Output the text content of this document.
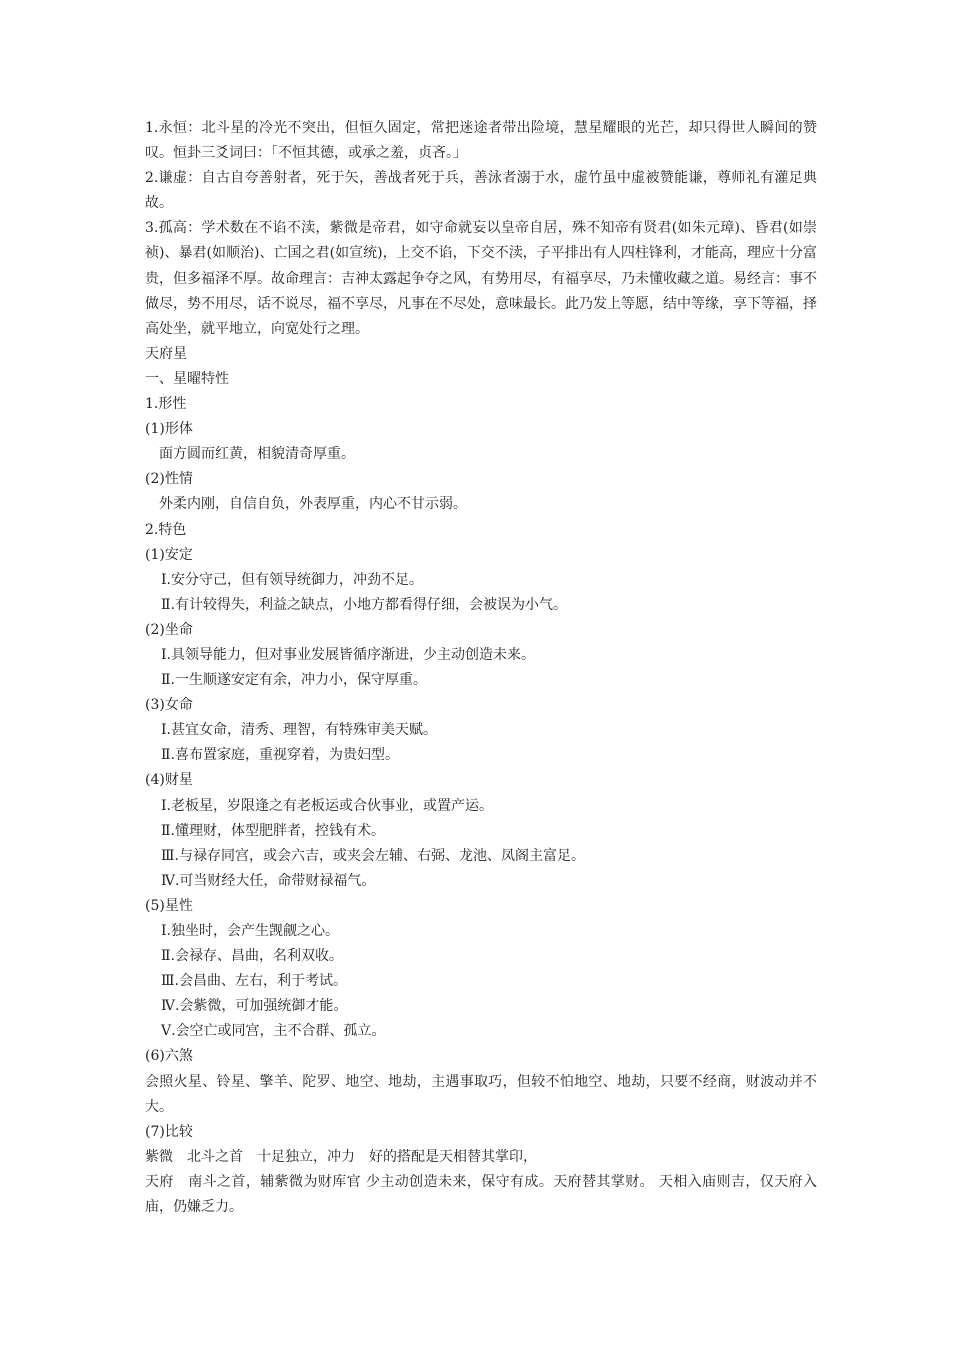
1.永恒：北斗星的冷光不突出，但恒久固定，常把迷途者带出险境，慧星耀眼的光芒，却只得世人瞬间的赞叹。恒卦三爻词曰：「不恒其德，或承之羞，贞吝。」

2.谦虚：自古自夸善射者，死于矢，善战者死于兵，善泳者溺于水，虚竹虽中虚被赞能谦，尊师礼有灌足典故。

3.孤高：学术数在不谄不渎，紫微是帝君，如守命就妄以皇帝自居，殊不知帝有贤君(如朱元璋)、昏君(如崇祯)、暴君(如顺治)、亡国之君(如宣统)，上交不谄，下交不渎，子平排出有人四柱锋利，才能高，理应十分富贵，但多福泽不厚。故命理言：吉神太露起争夺之风，有势用尽，有福享尽，乃未懂收藏之道。易经言：事不做尽，势不用尽，话不说尽，福不享尽，凡事在不尽处，意味最长。此乃发上等愿，结中等缘，享下等福，择高处坐，就平地立，向宽处行之理。

天府星

一、星曜特性

1.形性

(1)形体

面方圆而红黄，相貌清奇厚重。

(2)性情

外柔内刚，自信自负，外表厚重，内心不甘示弱。

2.特色

(1)安定

Ⅰ.安分守己，但有领导统御力，冲劲不足。

Ⅱ.有计较得失，利益之缺点，小地方都看得仔细，会被误为小气。

(2)坐命

Ⅰ.具领导能力，但对事业发展皆循序渐进，少主动创造未来。

Ⅱ.一生顺遂安定有余，冲力小，保守厚重。

(3)女命

Ⅰ.甚宜女命，清秀、理智，有特殊审美天赋。

Ⅱ.喜布置家庭，重视穿着，为贵妇型。

(4)财星

Ⅰ.老板星，岁限逢之有老板运或合伙事业，或置产运。

Ⅱ.懂理财，体型肥胖者，控钱有术。

Ⅲ.与禄存同宫，或会六吉，或夹会左辅、右弼、龙池、凤阁主富足。

Ⅳ.可当财经大任，命带财禄福气。

(5)星性

Ⅰ.独坐时，会产生觊觎之心。

Ⅱ.会禄存、昌曲，名利双收。

Ⅲ.会昌曲、左右，利于考试。

Ⅳ.会紫微，可加强统御才能。

Ⅴ.会空亡或同宫，主不合群、孤立。

(6)六煞

会照火星、铃星、擎羊、陀罗、地空、地劫，主遇事取巧，但较不怕地空、地劫，只要不经商，财波动并不大。

(7)比较

紫微　北斗之首　十足独立，冲力　好的搭配是天相替其掌印，

天府　南斗之首，辅紫微为财库官 少主动创造未来，保守有成。天府替其掌财。 天相入庙则吉，仅天府入庙，仍嫌乏力。
